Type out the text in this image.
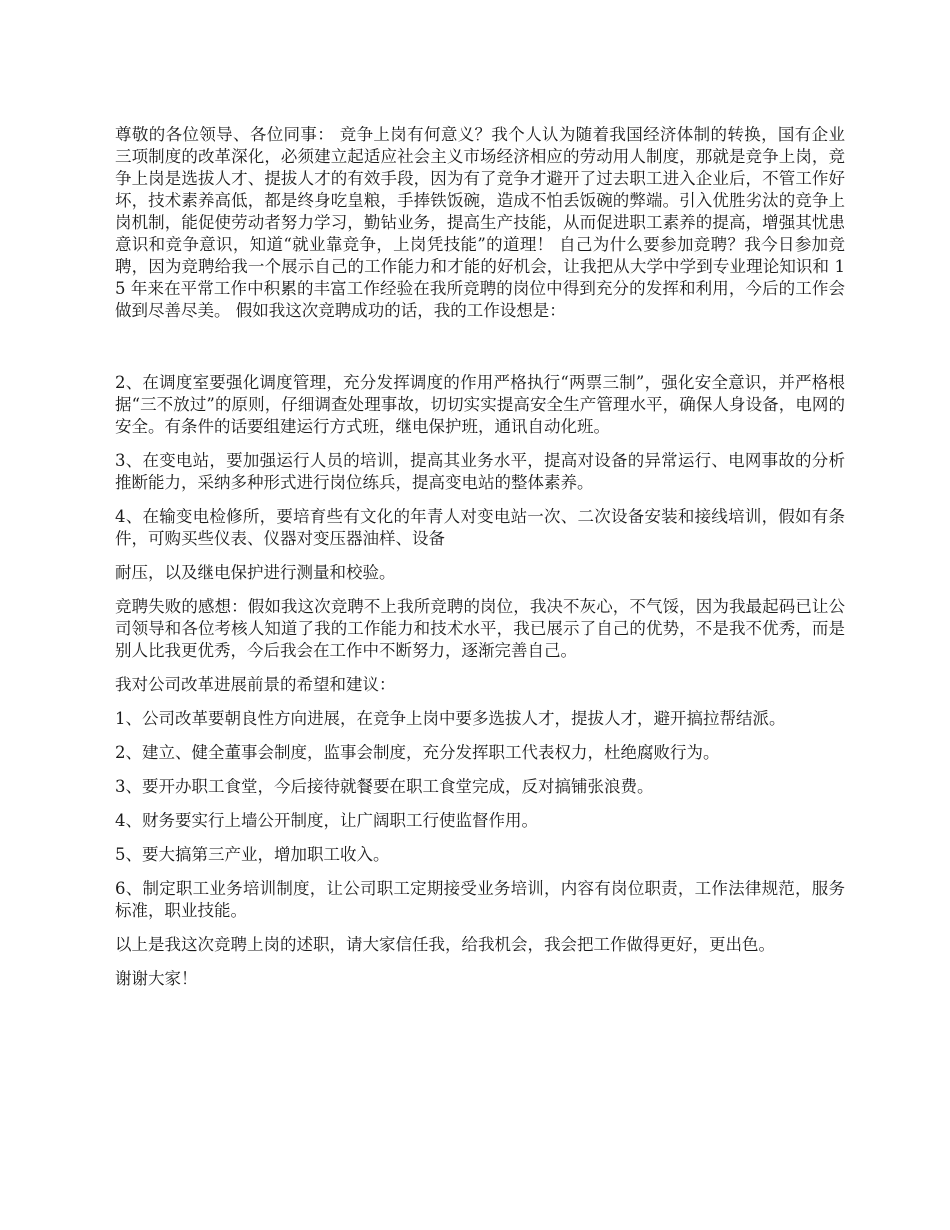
尊敬的各位领导、各位同事： 竞争上岗有何意义？我个人认为随着我国经济体制的转换，国有企业三项制度的改革深化，必须建立起适应社会主义市场经济相应的劳动用人制度，那就是竞争上岗，竞争上岗是选拔人才、提拔人才的有效手段，因为有了竞争才避开了过去职工进入企业后，不管工作好坏，技术素养高低，都是终身吃皇粮，手捧铁饭碗，造成不怕丢饭碗的弊端。引入优胜劣汰的竞争上岗机制，能促使劳动者努力学习，勤钻业务，提高生产技能，从而促进职工素养的提高，增强其忧患意识和竞争意识，知道“就业靠竞争，上岗凭技能”的道理！ 自己为什么要参加竞聘？我今日参加竞聘，因为竞聘给我一个展示自己的工作能力和才能的好机会，让我把从大学中学到专业理论知识和 15 年来在平常工作中积累的丰富工作经验在我所竞聘的岗位中得到充分的发挥和利用，今后的工作会做到尽善尽美。 假如我这次竞聘成功的话，我的工作设想是：

2、在调度室要强化调度管理，充分发挥调度的作用严格执行“两票三制”，强化安全意识，并严格根据“三不放过”的原则，仔细调查处理事故，切切实实提高安全生产管理水平，确保人身设备，电网的安全。有条件的话要组建运行方式班，继电保护班，通讯自动化班。

3、在变电站，要加强运行人员的培训，提高其业务水平，提高对设备的异常运行、电网事故的分析推断能力，采纳多种形式进行岗位练兵，提高变电站的整体素养。

4、在输变电检修所，要培育些有文化的年青人对变电站一次、二次设备安装和接线培训，假如有条件，可购买些仪表、仪器对变压器油样、设备

耐压，以及继电保护进行测量和校验。

竞聘失败的感想：假如我这次竞聘不上我所竞聘的岗位，我决不灰心，不气馁，因为我最起码已让公司领导和各位考核人知道了我的工作能力和技术水平，我已展示了自己的优势，不是我不优秀，而是别人比我更优秀，今后我会在工作中不断努力，逐渐完善自己。

我对公司改革进展前景的希望和建议：

1、公司改革要朝良性方向进展，在竞争上岗中要多选拔人才，提拔人才，避开搞拉帮结派。

2、建立、健全董事会制度，监事会制度，充分发挥职工代表权力，杜绝腐败行为。

3、要开办职工食堂，今后接待就餐要在职工食堂完成，反对搞铺张浪费。

4、财务要实行上墙公开制度，让广阔职工行使监督作用。

5、要大搞第三产业，增加职工收入。

6、制定职工业务培训制度，让公司职工定期接受业务培训，内容有岗位职责，工作法律规范，服务标准，职业技能。

以上是我这次竞聘上岗的述职，请大家信任我，给我机会，我会把工作做得更好，更出色。

谢谢大家！
